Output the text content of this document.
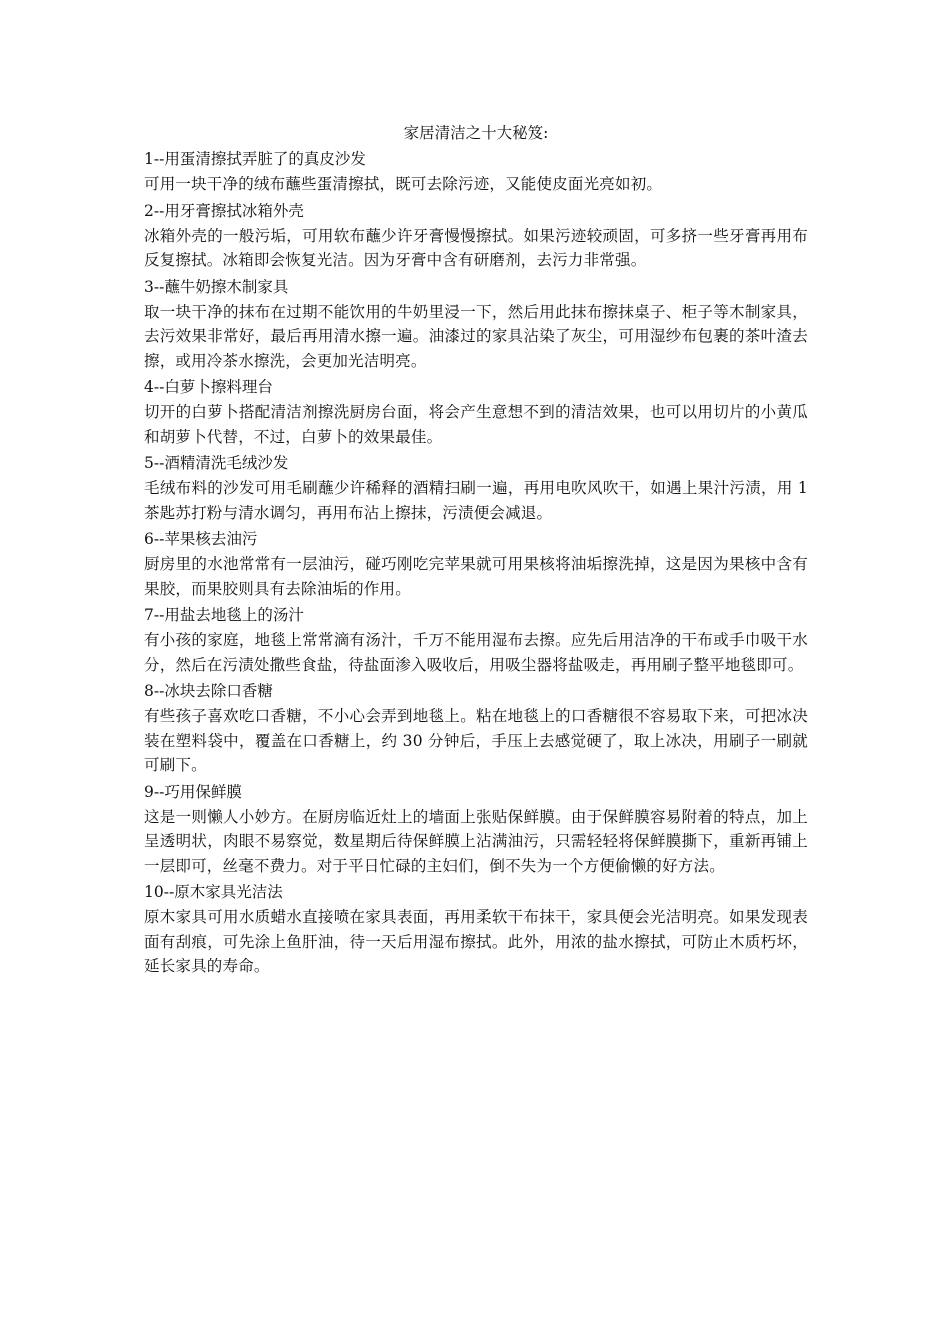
家居清洁之十大秘笈:
1--用蛋清擦拭弄脏了的真皮沙发
可用一块干净的绒布蘸些蛋清擦拭，既可去除污迹，又能使皮面光亮如初。
2--用牙膏擦拭冰箱外壳
冰箱外壳的一般污垢，可用软布蘸少许牙膏慢慢擦拭。如果污迹较顽固，可多挤一些牙膏再用布反复擦拭。冰箱即会恢复光洁。因为牙膏中含有研磨剂，去污力非常强。
3--蘸牛奶擦木制家具
取一块干净的抹布在过期不能饮用的牛奶里浸一下，然后用此抹布擦抹桌子、柜子等木制家具，去污效果非常好，最后再用清水擦一遍。油漆过的家具沾染了灰尘，可用湿纱布包裹的茶叶渣去擦，或用冷茶水擦洗，会更加光洁明亮。
4--白萝卜擦料理台
切开的白萝卜搭配清洁剂擦洗厨房台面，将会产生意想不到的清洁效果，也可以用切片的小黄瓜和胡萝卜代替，不过，白萝卜的效果最佳。
5--酒精清洗毛绒沙发
毛绒布料的沙发可用毛刷蘸少许稀释的酒精扫刷一遍，再用电吹风吹干，如遇上果汁污渍，用 1 茶匙苏打粉与清水调匀，再用布沾上擦抹，污渍便会减退。
6--苹果核去油污
厨房里的水池常常有一层油污，碰巧刚吃完苹果就可用果核将油垢擦洗掉，这是因为果核中含有果胶，而果胶则具有去除油垢的作用。
7--用盐去地毯上的汤汁
有小孩的家庭，地毯上常常滴有汤汁，千万不能用湿布去擦。应先后用洁净的干布或手巾吸干水分，然后在污渍处撒些食盐，待盐面渗入吸收后，用吸尘器将盐吸走，再用刷子整平地毯即可。
8--冰块去除口香糖
有些孩子喜欢吃口香糖，不小心会弄到地毯上。粘在地毯上的口香糖很不容易取下来，可把冰决装在塑料袋中，覆盖在口香糖上，约 30 分钟后，手压上去感觉硬了，取上冰决，用刷子一刷就可刷下。
9--巧用保鲜膜
这是一则懒人小妙方。在厨房临近灶上的墙面上张贴保鲜膜。由于保鲜膜容易附着的特点，加上呈透明状，肉眼不易察觉，数星期后待保鲜膜上沾满油污，只需轻轻将保鲜膜撕下，重新再铺上一层即可，丝毫不费力。对于平日忙碌的主妇们，倒不失为一个方便偷懒的好方法。
10--原木家具光洁法
原木家具可用水质蜡水直接喷在家具表面，再用柔软干布抹干，家具便会光洁明亮。如果发现表面有刮痕，可先涂上鱼肝油，待一天后用湿布擦拭。此外，用浓的盐水擦拭，可防止木质朽坏，延长家具的寿命。
